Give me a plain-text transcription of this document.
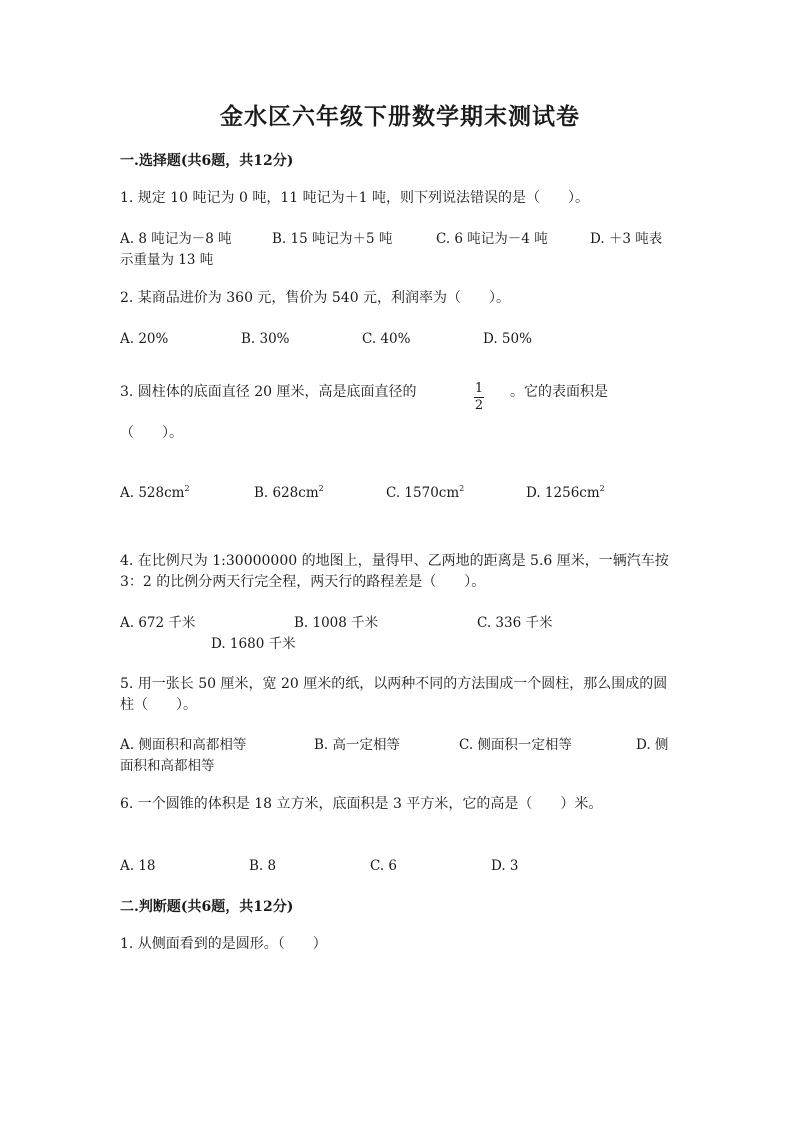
金水区六年级下册数学期末测试卷
一.选择题(共6题，共12分)
1. 规定 10 吨记为 0 吨，11 吨记为＋1 吨，则下列说法错误的是（　　）。
A. 8 吨记为－8 吨	B. 15 吨记为＋5 吨	C. 6 吨记为－4 吨	D. ＋3 吨表
示重量为 13 吨
2. 某商品进价为 360 元，售价为 540 元，利润率为（　　）。
A. 20%	B. 30%	C. 40%	D. 50%
3. 圆柱体的底面直径 20 厘米，高是底面直径的	$\frac{1}{2}$ 。它的表面积是
（　　）。
A. $528cm^2$	B. $628cm^2$	C. $1570cm^2$	D. $1256cm^2$
4. 在比例尺为 1:30000000 的地图上，量得甲、乙两地的距离是 5.6 厘米，一辆汽车按 3：2 的比例分两天行完全程，两天行的路程差是（　　）。
A. 672 千米	B. 1008 千米	C. 336 千米
D. 1680 千米
5. 用一张长 50 厘米，宽 20 厘米的纸，以两种不同的方法围成一个圆柱，那么围成的圆柱（　　）。
A. 侧面积和高都相等	B. 高一定相等	C. 侧面积一定相等	D. 侧
面积和高都相等
6. 一个圆锥的体积是 18 立方米，底面积是 3 平方米，它的高是（　　）米。
A. 18	B. 8	C. 6	D. 3
二.判断题(共6题，共12分)
1. 从侧面看到的是圆形。（　　）
